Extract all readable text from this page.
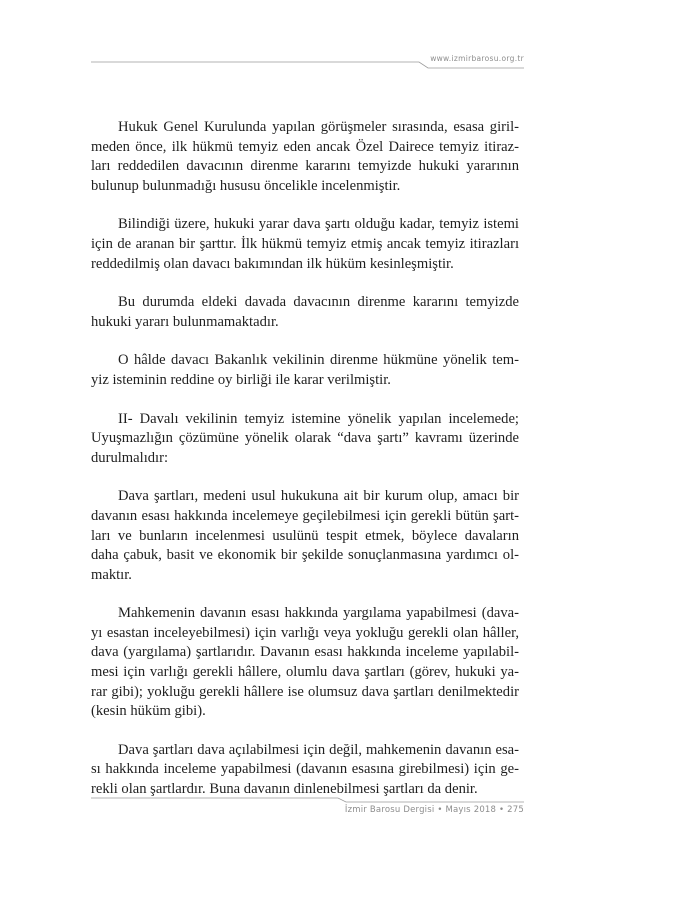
www.izmirbarosu.org.tr

Hukuk Genel Kurulunda yapılan görüşmeler sırasında, esasa giril-
meden önce, ilk hükmü temyiz eden ancak Özel Dairece temyiz itiraz-
ları reddedilen davacının direnme kararını temyizde hukuki yararının
bulunup bulunmadığı hususu öncelikle incelenmiştir.

Bilindiği üzere, hukuki yarar dava şartı olduğu kadar, temyiz istemi
için de aranan bir şarttır. İlk hükmü temyiz etmiş ancak temyiz itirazları
reddedilmiş olan davacı bakımından ilk hüküm kesinleşmiştir.

Bu durumda eldeki davada davacının direnme kararını temyizde
hukuki yararı bulunmamaktadır.

O hâlde davacı Bakanlık vekilinin direnme hükmüne yönelik tem-
yiz isteminin reddine oy birliği ile karar verilmiştir.

II- Davalı vekilinin temyiz istemine yönelik yapılan incelemede;
Uyuşmazlığın çözümüne yönelik olarak “dava şartı” kavramı üzerinde
durulmalıdır:

Dava şartları, medeni usul hukukuna ait bir kurum olup, amacı bir
davanın esası hakkında incelemeye geçilebilmesi için gerekli bütün şart-
ları ve bunların incelenmesi usulünü tespit etmek, böylece davaların
daha çabuk, basit ve ekonomik bir şekilde sonuçlanmasına yardımcı ol-
maktır.

Mahkemenin davanın esası hakkında yargılama yapabilmesi (dava-
yı esastan inceleyebilmesi) için varlığı veya yokluğu gerekli olan hâller,
dava (yargılama) şartlarıdır. Davanın esası hakkında inceleme yapılabil-
mesi için varlığı gerekli hâllere, olumlu dava şartları (görev, hukuki ya-
rar gibi); yokluğu gerekli hâllere ise olumsuz dava şartları denilmektedir
(kesin hüküm gibi).

Dava şartları dava açılabilmesi için değil, mahkemenin davanın esa-
sı hakkında inceleme yapabilmesi (davanın esasına girebilmesi) için ge-
rekli olan şartlardır. Buna davanın dinlenebilmesi şartları da denir.

İzmir Barosu Dergisi • Mayıs 2018 • 275
